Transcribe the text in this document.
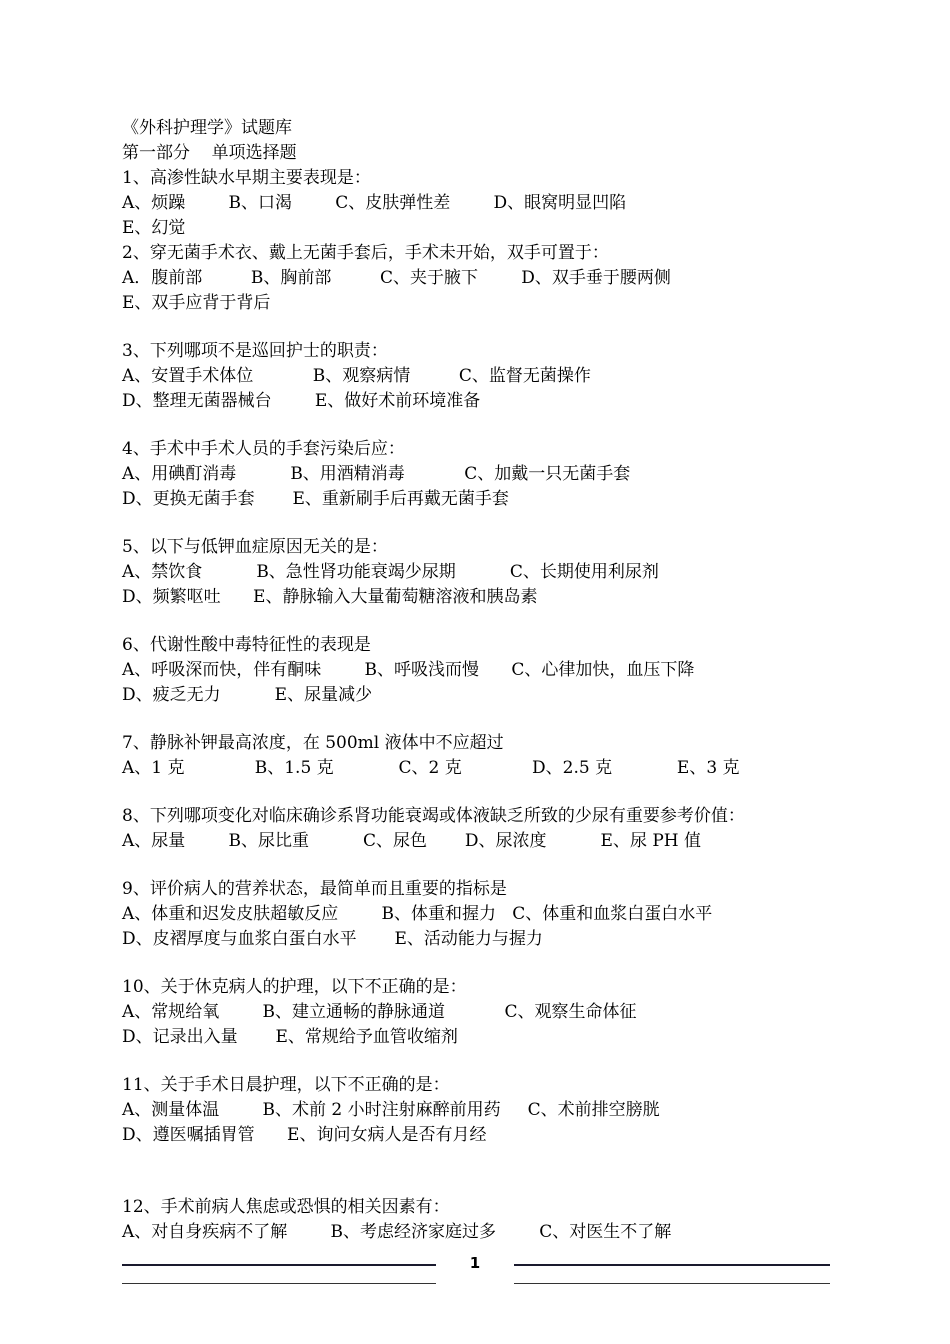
《外科护理学》试题库
第一部分    单项选择题
1、高渗性缺水早期主要表现是：
A、烦躁        B、口渴        C、皮肤弹性差        D、眼窝明显凹陷
E、幻觉
2、穿无菌手术衣、戴上无菌手套后，手术未开始，双手可置于：
A．腹前部         B、胸前部         C、夹于腋下        D、双手垂于腰两侧
E、双手应背于背后
3、下列哪项不是巡回护士的职责：
A、安置手术体位           B、观察病情         C、监督无菌操作
D、整理无菌器械台        E、做好术前环境准备
4、手术中手术人员的手套污染后应：
A、用碘酊消毒          B、用酒精消毒           C、加戴一只无菌手套
D、更换无菌手套       E、重新刷手后再戴无菌手套
5、以下与低钾血症原因无关的是：
A、禁饮食          B、急性肾功能衰竭少尿期          C、长期使用利尿剂
D、频繁呕吐      E、静脉输入大量葡萄糖溶液和胰岛素
6、代谢性酸中毒特征性的表现是
A、呼吸深而快，伴有酮味        B、呼吸浅而慢      C、心律加快，血压下降
D、疲乏无力          E、尿量减少
7、静脉补钾最高浓度，在 500ml 液体中不应超过
A、1 克             B、1.5 克            C、2 克             D、2.5 克            E、3 克
8、下列哪项变化对临床确诊系肾功能衰竭或体液缺乏所致的少尿有重要参考价值：
A、尿量        B、尿比重          C、尿色       D、尿浓度          E、尿 PH 值
9、评价病人的营养状态，最简单而且重要的指标是
A、体重和迟发皮肤超敏反应        B、体重和握力   C、体重和血浆白蛋白水平
D、皮褶厚度与血浆白蛋白水平       E、活动能力与握力
10、关于休克病人的护理，以下不正确的是：
A、常规给氧        B、建立通畅的静脉通道           C、观察生命体征
D、记录出入量       E、常规给予血管收缩剂
11、关于手术日晨护理，以下不正确的是：
A、测量体温        B、术前 2 小时注射麻醉前用药     C、术前排空膀胱
D、遵医嘱插胃管      E、询问女病人是否有月经
12、手术前病人焦虑或恐惧的相关因素有：
A、对自身疾病不了解        B、考虑经济家庭过多        C、对医生不了解
1
